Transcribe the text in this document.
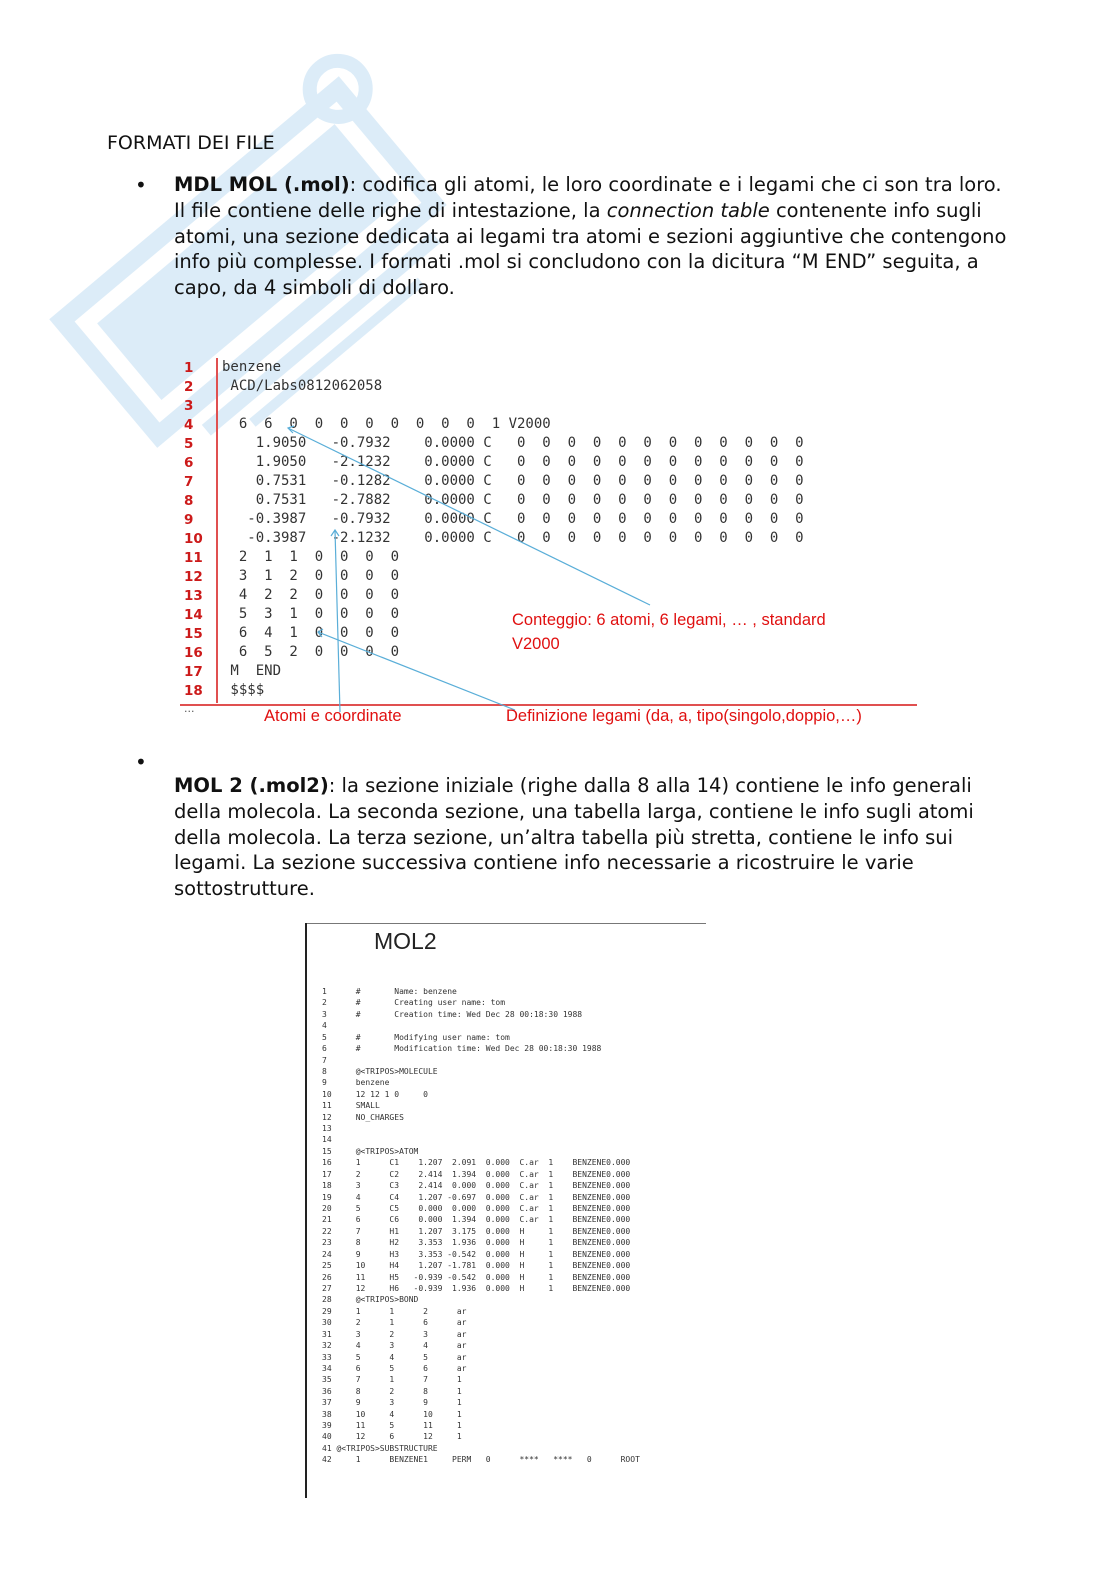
FORMATI DEI FILE
• MDL MOL (.mol): codifica gli atomi, le loro coordinate e i legami che ci son tra loro. Il file contiene delle righe di intestazione, la connection table contenente info sugli atomi, una sezione dedicata ai legami tra atomi e sezioni aggiuntive che contengono info più complesse. I formati .mol si concludono con la dicitura “M END” seguita, a capo, da 4 simboli di dollaro.

1
2
3
4
5
6
7
8
9
10
11
12
13
14
15
16
17
18
...
benzene
ACD/Labs0812062058

6  6  0  0  0  0  0  0  0  0  1 V2000
1.9050   -0.7932    0.0000 C   0  0  0  0  0  0  0  0  0  0  0  0
1.9050   -2.1232    0.0000 C   0  0  0  0  0  0  0  0  0  0  0  0
0.7531   -0.1282    0.0000 C   0  0  0  0  0  0  0  0  0  0  0  0
0.7531   -2.7882    0.0000 C   0  0  0  0  0  0  0  0  0  0  0  0
-0.3987   -0.7932    0.0000 C   0  0  0  0  0  0  0  0  0  0  0  0
-0.3987   -2.1232    0.0000 C   0  0  0  0  0  0  0  0  0  0  0  0
2  1  1  0  0  0  0
3  1  2  0  0  0  0
4  2  2  0  0  0  0
5  3  1  0  0  0  0
6  4  1  0  0  0  0
6  5  2  0  0  0  0
M  END
$$$$
Conteggio: 6 atomi, 6 legami, … , standard
V2000
Atomi e coordinate	Definizione legami (da, a, tipo(singolo,doppio,…)
•

MOL 2 (.mol2): la sezione iniziale (righe dalla 8 alla 14) contiene le info generali della molecola. La seconda sezione, una tabella larga, contiene le info sugli atomi della molecola. La terza sezione, un’altra tabella più stretta, contiene le info sui legami. La sezione successiva contiene info necessarie a ricostruire le varie sottostrutture.

MOL2
1      #       Name: benzene
2      #       Creating user name: tom
3      #       Creation time: Wed Dec 28 00:18:30 1988
4
5      #       Modifying user name: tom
6      #       Modification time: Wed Dec 28 00:18:30 1988
7
8      @<TRIPOS>MOLECULE
9      benzene
10     12 12 1 0     0
11     SMALL
12     NO_CHARGES
13
14
15     @<TRIPOS>ATOM
16     1      C1    1.207  2.091  0.000  C.ar  1    BENZENE0.000
17     2      C2    2.414  1.394  0.000  C.ar  1    BENZENE0.000
18     3      C3    2.414  0.000  0.000  C.ar  1    BENZENE0.000
19     4      C4    1.207 -0.697  0.000  C.ar  1    BENZENE0.000
20     5      C5    0.000  0.000  0.000  C.ar  1    BENZENE0.000
21     6      C6    0.000  1.394  0.000  C.ar  1    BENZENE0.000
22     7      H1    1.207  3.175  0.000  H     1    BENZENE0.000
23     8      H2    3.353  1.936  0.000  H     1    BENZENE0.000
24     9      H3    3.353 -0.542  0.000  H     1    BENZENE0.000
25     10     H4    1.207 -1.781  0.000  H     1    BENZENE0.000
26     11     H5   -0.939 -0.542  0.000  H     1    BENZENE0.000
27     12     H6   -0.939  1.936  0.000  H     1    BENZENE0.000
28     @<TRIPOS>BOND
29     1      1      2      ar
30     2      1      6      ar
31     3      2      3      ar
32     4      3      4      ar
33     5      4      5      ar
34     6      5      6      ar
35     7      1      7      1
36     8      2      8      1
37     9      3      9      1
38     10     4      10     1
39     11     5      11     1
40     12     6      12     1
41 @<TRIPOS>SUBSTRUCTURE
42     1      BENZENE1     PERM   0      ****   ****   0      ROOT
